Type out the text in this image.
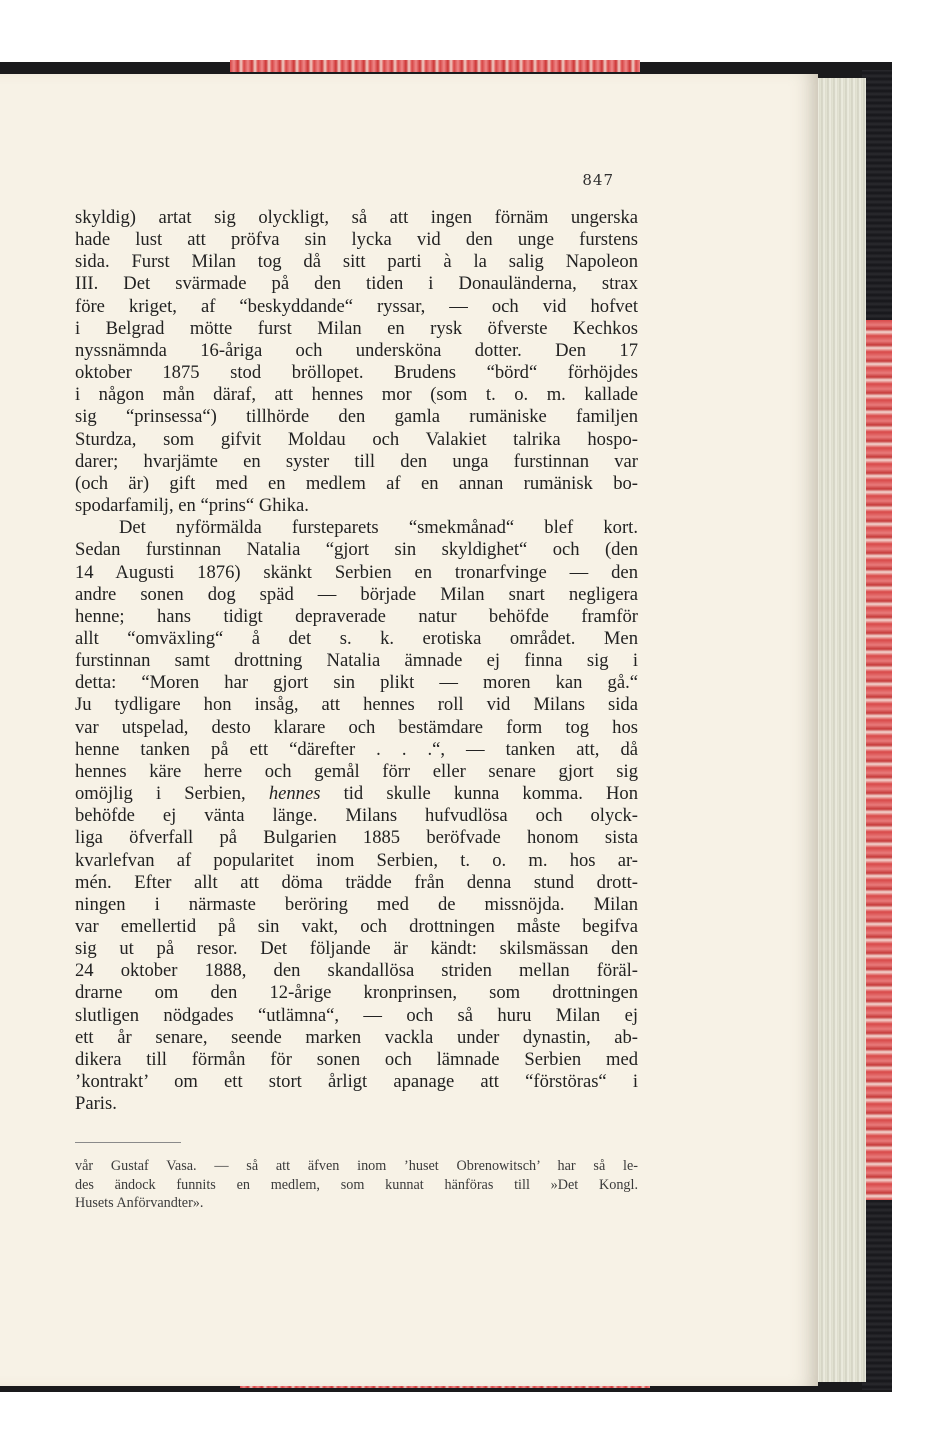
847
skyldig) artat sig olyckligt, så att ingen förnäm ungerska
hade lust att pröfva sin lycka vid den unge furstens
sida. Furst Milan tog då sitt parti à la salig Napoleon
III. Det svärmade på den tiden i Donauländerna, strax
före kriget, af “beskyddande“ ryssar, — och vid hofvet
i Belgrad mötte furst Milan en rysk öfverste Kechkos
nyssnämnda 16-åriga och undersköna dotter. Den 17
oktober 1875 stod bröllopet. Brudens “börd“ förhöjdes
i någon mån däraf, att hennes mor (som t. o. m. kallade
sig “prinsessa“) tillhörde den gamla rumäniske familjen
Sturdza, som gifvit Moldau och Valakiet talrika hospo-
darer; hvarjämte en syster till den unga furstinnan var
(och är) gift med en medlem af en annan rumänisk bo-
spodarfamilj, en “prins“ Ghika.
Det nyförmälda fursteparets “smekmånad“ blef kort.
Sedan furstinnan Natalia “gjort sin skyldighet“ och (den
14 Augusti 1876) skänkt Serbien en tronarfvinge — den
andre sonen dog späd — började Milan snart negligera
henne; hans tidigt depraverade natur behöfde framför
allt “omväxling“ å det s. k. erotiska området. Men
furstinnan samt drottning Natalia ämnade ej finna sig i
detta: “Moren har gjort sin plikt — moren kan gå.“
Ju tydligare hon insåg, att hennes roll vid Milans sida
var utspelad, desto klarare och bestämdare form tog hos
henne tanken på ett “därefter . . .“, — tanken att, då
hennes käre herre och gemål förr eller senare gjort sig
omöjlig i Serbien, hennes tid skulle kunna komma. Hon
behöfde ej vänta länge. Milans hufvudlösa och olyck-
liga öfverfall på Bulgarien 1885 beröfvade honom sista
kvarlefvan af popularitet inom Serbien, t. o. m. hos ar-
mén. Efter allt att döma trädde från denna stund drott-
ningen i närmaste beröring med de missnöjda. Milan
var emellertid på sin vakt, och drottningen måste begifva
sig ut på resor. Det följande är kändt: skilsmässan den
24 oktober 1888, den skandallösa striden mellan föräl-
drarne om den 12-årige kronprinsen, som drottningen
slutligen nödgades “utlämna“, — och så huru Milan ej
ett år senare, seende marken vackla under dynastin, ab-
dikera till förmån för sonen och lämnade Serbien med
’kontrakt’ om ett stort årligt apanage att “förstöras“ i
Paris.
vår Gustaf Vasa. — så att äfven inom ’huset Obrenowitsch’ har så le-
des ändock funnits en medlem, som kunnat hänföras till »Det Kongl.
Husets Anförvandter».
